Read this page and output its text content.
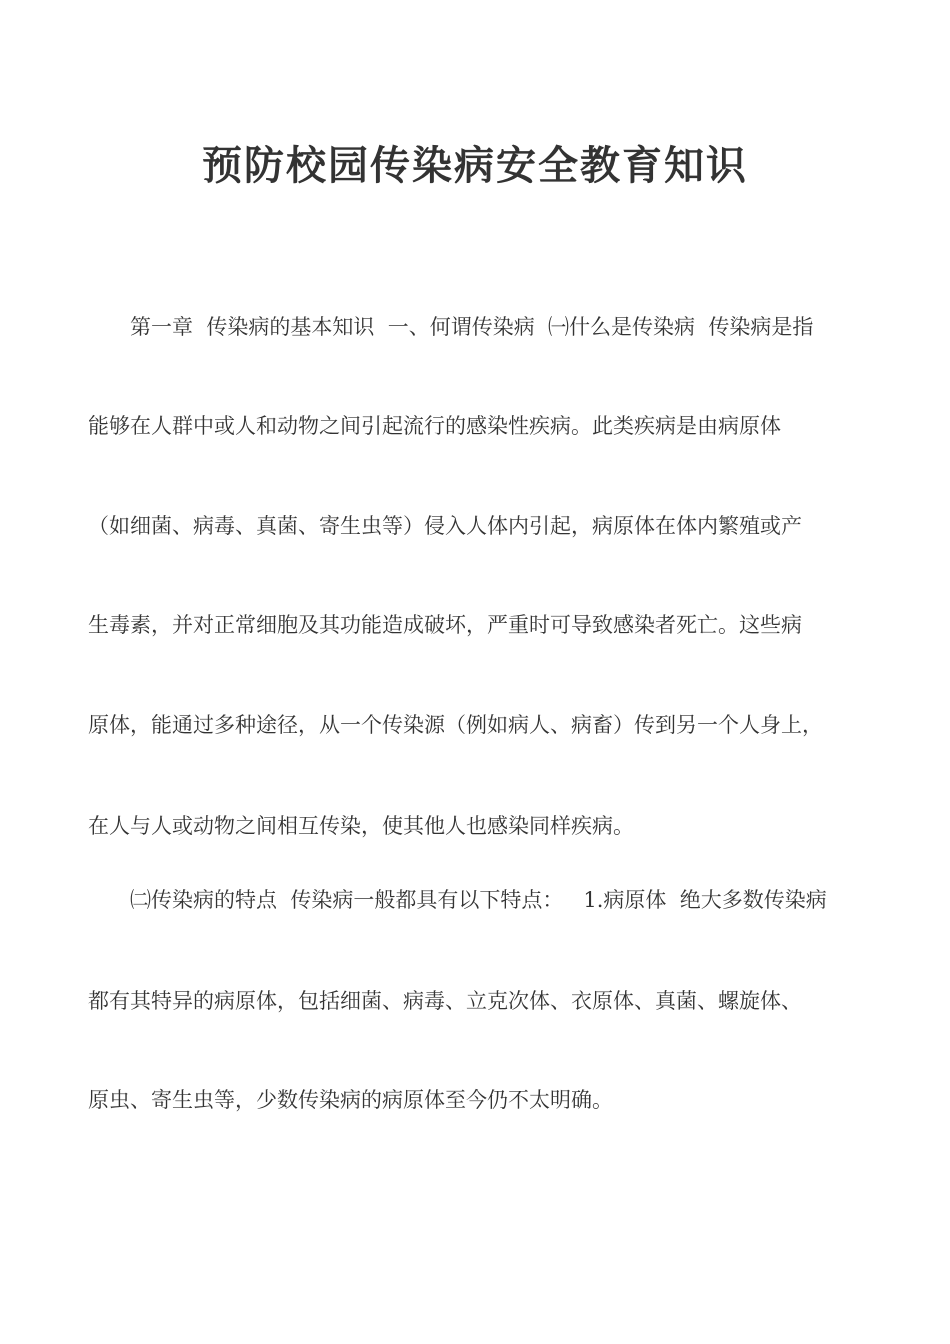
预防校园传染病安全教育知识
　　第一章  传染病的基本知识  一、何谓传染病  ㈠什么是传染病  传染病是指
能够在人群中或人和动物之间引起流行的感染性疾病。此类疾病是由病原体
（如细菌、病毒、真菌、寄生虫等）侵入人体内引起，病原体在体内繁殖或产
生毒素，并对正常细胞及其功能造成破坏，严重时可导致感染者死亡。这些病
原体，能通过多种途径，从一个传染源（例如病人、病畜）传到另一个人身上，
在人与人或动物之间相互传染，使其他人也感染同样疾病。
　　㈡传染病的特点  传染病一般都具有以下特点：   1.病原体  绝大多数传染病
都有其特异的病原体，包括细菌、病毒、立克次体、衣原体、真菌、螺旋体、
原虫、寄生虫等，少数传染病的病原体至今仍不太明确。
